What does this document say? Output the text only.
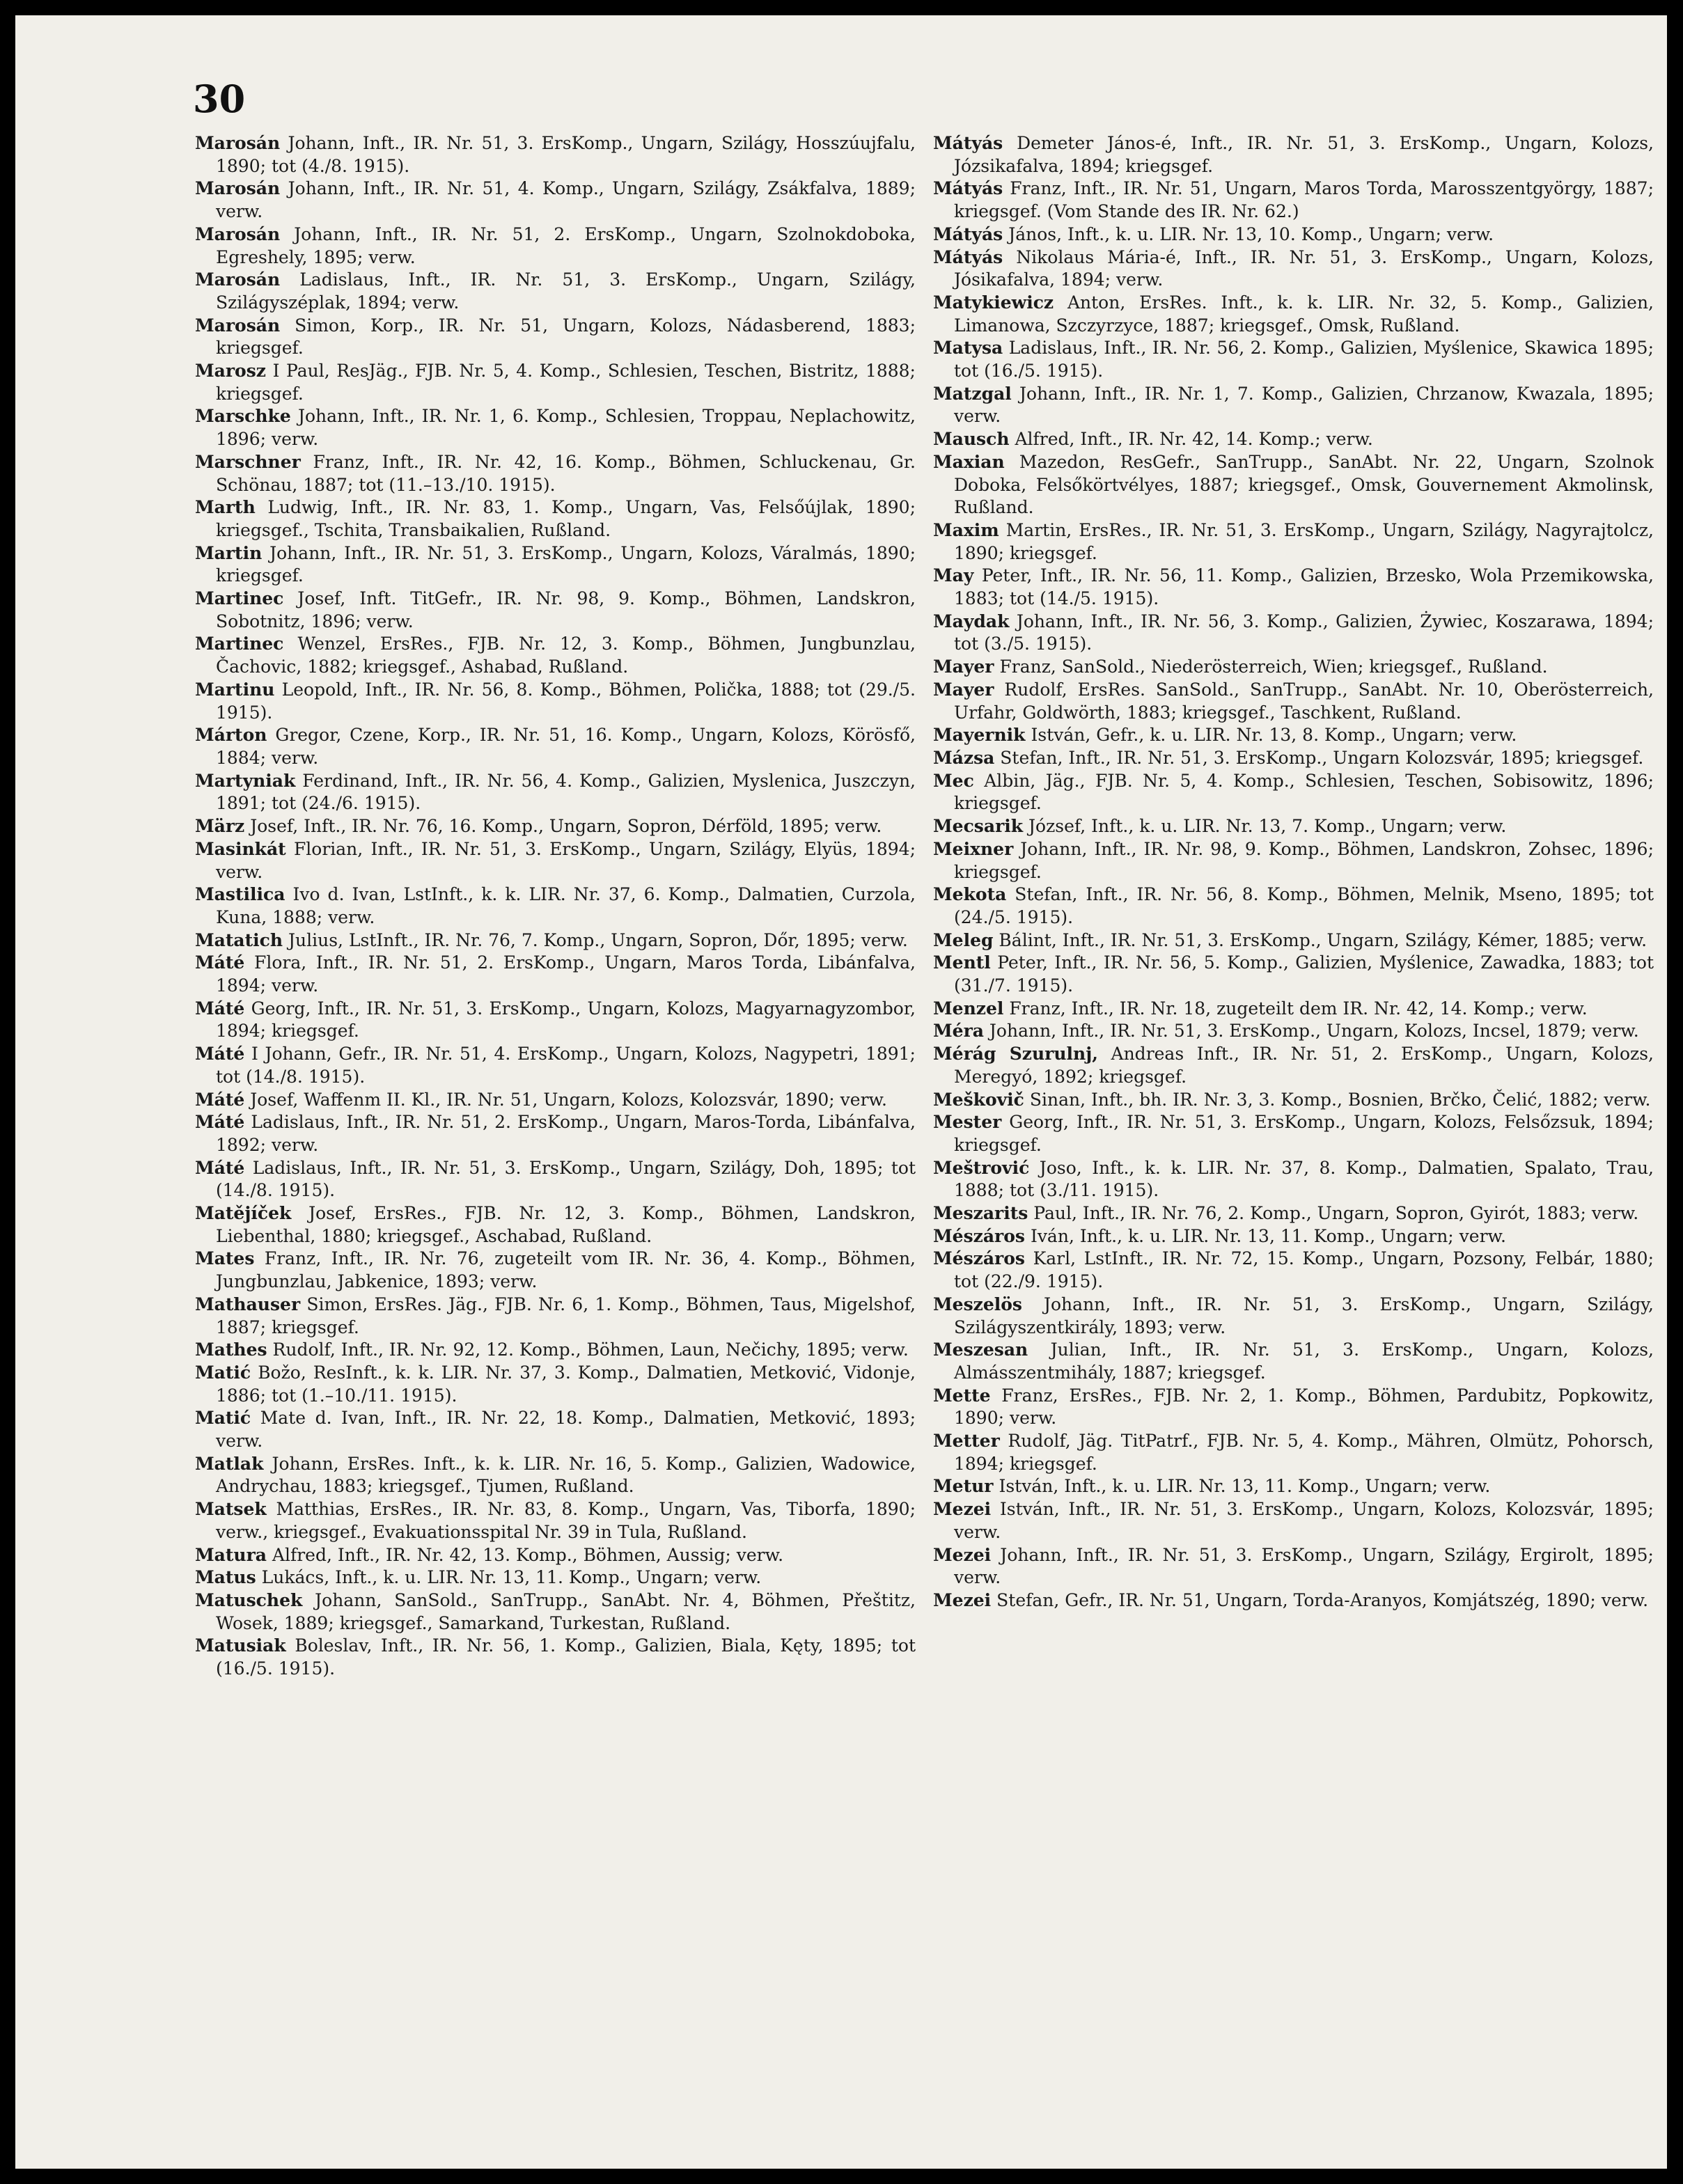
30

Marosán Johann, Inft., IR. Nr. 51, 3. ErsKomp., Ungarn, Szilágy, Hosszúujfalu, 1890; tot (4./8. 1915).

Marosán Johann, Inft., IR. Nr. 51, 4. Komp., Ungarn, Szilágy, Zsákfalva, 1889; verw.

Marosán Johann, Inft., IR. Nr. 51, 2. ErsKomp., Ungarn, Szolnokdoboka, Egreshely, 1895; verw.

Marosán Ladislaus, Inft., IR. Nr. 51, 3. ErsKomp., Ungarn, Szilágy, Szilágyszéplak, 1894; verw.

Marosán Simon, Korp., IR. Nr. 51, Ungarn, Kolozs, Nádasberend, 1883; kriegsgef.

Marosz I Paul, ResJäg., FJB. Nr. 5, 4. Komp., Schlesien, Teschen, Bistritz, 1888; kriegsgef.

Marschke Johann, Inft., IR. Nr. 1, 6. Komp., Schlesien, Troppau, Neplachowitz, 1896; verw.

Marschner Franz, Inft., IR. Nr. 42, 16. Komp., Böhmen, Schluckenau, Gr. Schönau, 1887; tot (11.–13./10. 1915).

Marth Ludwig, Inft., IR. Nr. 83, 1. Komp., Ungarn, Vas, Felsőújlak, 1890; kriegsgef., Tschita, Transbaikalien, Rußland.

Martin Johann, Inft., IR. Nr. 51, 3. ErsKomp., Ungarn, Kolozs, Váralmás, 1890; kriegsgef.

Martinec Josef, Inft. TitGefr., IR. Nr. 98, 9. Komp., Böhmen, Landskron, Sobotnitz, 1896; verw.

Martinec Wenzel, ErsRes., FJB. Nr. 12, 3. Komp., Böhmen, Jungbunzlau, Čachovic, 1882; kriegsgef., Ashabad, Rußland.

Martinu Leopold, Inft., IR. Nr. 56, 8. Komp., Böhmen, Polička, 1888; tot (29./5. 1915).

Márton Gregor, Czene, Korp., IR. Nr. 51, 16. Komp., Ungarn, Kolozs, Körösfő, 1884; verw.

Martyniak Ferdinand, Inft., IR. Nr. 56, 4. Komp., Galizien, Myslenica, Juszczyn, 1891; tot (24./6. 1915).

März Josef, Inft., IR. Nr. 76, 16. Komp., Ungarn, Sopron, Dérföld, 1895; verw.

Masinkát Florian, Inft., IR. Nr. 51, 3. ErsKomp., Ungarn, Szilágy, Elyüs, 1894; verw.

Mastilica Ivo d. Ivan, LstInft., k. k. LIR. Nr. 37, 6. Komp., Dalmatien, Curzola, Kuna, 1888; verw.

Matatich Julius, LstInft., IR. Nr. 76, 7. Komp., Ungarn, Sopron, Dőr, 1895; verw.

Máté Flora, Inft., IR. Nr. 51, 2. ErsKomp., Ungarn, Maros Torda, Libánfalva, 1894; verw.

Máté Georg, Inft., IR. Nr. 51, 3. ErsKomp., Ungarn, Kolozs, Magyarnagyzombor, 1894; kriegsgef.

Máté I Johann, Gefr., IR. Nr. 51, 4. ErsKomp., Ungarn, Kolozs, Nagypetri, 1891; tot (14./8. 1915).

Máté Josef, Waffenm II. Kl., IR. Nr. 51, Ungarn, Kolozs, Kolozsvár, 1890; verw.

Máté Ladislaus, Inft., IR. Nr. 51, 2. ErsKomp., Ungarn, Maros-Torda, Libánfalva, 1892; verw.

Máté Ladislaus, Inft., IR. Nr. 51, 3. ErsKomp., Ungarn, Szilágy, Doh, 1895; tot (14./8. 1915).

Matějíček Josef, ErsRes., FJB. Nr. 12, 3. Komp., Böhmen, Landskron, Liebenthal, 1880; kriegsgef., Aschabad, Rußland.

Mates Franz, Inft., IR. Nr. 76, zugeteilt vom IR. Nr. 36, 4. Komp., Böhmen, Jungbunzlau, Jabkenice, 1893; verw.

Mathauser Simon, ErsRes. Jäg., FJB. Nr. 6, 1. Komp., Böhmen, Taus, Migelshof, 1887; kriegsgef.

Mathes Rudolf, Inft., IR. Nr. 92, 12. Komp., Böhmen, Laun, Nečichy, 1895; verw.

Matić Božo, ResInft., k. k. LIR. Nr. 37, 3. Komp., Dalmatien, Metković, Vidonje, 1886; tot (1.–10./11. 1915).

Matić Mate d. Ivan, Inft., IR. Nr. 22, 18. Komp., Dalmatien, Metković, 1893; verw.

Matlak Johann, ErsRes. Inft., k. k. LIR. Nr. 16, 5. Komp., Galizien, Wadowice, Andrychau, 1883; kriegsgef., Tjumen, Rußland.

Matsek Matthias, ErsRes., IR. Nr. 83, 8. Komp., Ungarn, Vas, Tiborfa, 1890; verw., kriegsgef., Evakuationsspital Nr. 39 in Tula, Rußland.

Matura Alfred, Inft., IR. Nr. 42, 13. Komp., Böhmen, Aussig; verw.

Matus Lukács, Inft., k. u. LIR. Nr. 13, 11. Komp., Ungarn; verw.

Matuschek Johann, SanSold., SanTrupp., SanAbt. Nr. 4, Böhmen, Přeštitz, Wosek, 1889; kriegsgef., Samarkand, Turkestan, Rußland.

Matusiak Boleslav, Inft., IR. Nr. 56, 1. Komp., Galizien, Biala, Kęty, 1895; tot (16./5. 1915).

Mátyás Demeter János-é, Inft., IR. Nr. 51, 3. ErsKomp., Ungarn, Kolozs, Józsikafalva, 1894; kriegsgef.

Mátyás Franz, Inft., IR. Nr. 51, Ungarn, Maros Torda, Marosszentgyörgy, 1887; kriegsgef. (Vom Stande des IR. Nr. 62.)

Mátyás János, Inft., k. u. LIR. Nr. 13, 10. Komp., Ungarn; verw.

Mátyás Nikolaus Mária-é, Inft., IR. Nr. 51, 3. ErsKomp., Ungarn, Kolozs, Jósikafalva, 1894; verw.

Matykiewicz Anton, ErsRes. Inft., k. k. LIR. Nr. 32, 5. Komp., Galizien, Limanowa, Szczyrzyce, 1887; kriegsgef., Omsk, Rußland.

Matysa Ladislaus, Inft., IR. Nr. 56, 2. Komp., Galizien, Myślenice, Skawica 1895; tot (16./5. 1915).

Matzgal Johann, Inft., IR. Nr. 1, 7. Komp., Galizien, Chrzanow, Kwazala, 1895; verw.

Mausch Alfred, Inft., IR. Nr. 42, 14. Komp.; verw.

Maxian Mazedon, ResGefr., SanTrupp., SanAbt. Nr. 22, Ungarn, Szolnok Doboka, Felsőkörtvélyes, 1887; kriegsgef., Omsk, Gouvernement Akmolinsk, Rußland.

Maxim Martin, ErsRes., IR. Nr. 51, 3. ErsKomp., Ungarn, Szilágy, Nagyrajtolcz, 1890; kriegsgef.

May Peter, Inft., IR. Nr. 56, 11. Komp., Galizien, Brzesko, Wola Przemikowska, 1883; tot (14./5. 1915).

Maydak Johann, Inft., IR. Nr. 56, 3. Komp., Galizien, Żywiec, Koszarawa, 1894; tot (3./5. 1915).

Mayer Franz, SanSold., Niederösterreich, Wien; kriegsgef., Rußland.

Mayer Rudolf, ErsRes. SanSold., SanTrupp., SanAbt. Nr. 10, Oberösterreich, Urfahr, Goldwörth, 1883; kriegsgef., Taschkent, Rußland.

Mayernik István, Gefr., k. u. LIR. Nr. 13, 8. Komp., Ungarn; verw.

Mázsa Stefan, Inft., IR. Nr. 51, 3. ErsKomp., Ungarn Kolozsvár, 1895; kriegsgef.

Mec Albin, Jäg., FJB. Nr. 5, 4. Komp., Schlesien, Teschen, Sobisowitz, 1896; kriegsgef.

Mecsarik József, Inft., k. u. LIR. Nr. 13, 7. Komp., Ungarn; verw.

Meixner Johann, Inft., IR. Nr. 98, 9. Komp., Böhmen, Landskron, Zohsec, 1896; kriegsgef.

Mekota Stefan, Inft., IR. Nr. 56, 8. Komp., Böhmen, Melnik, Mseno, 1895; tot (24./5. 1915).

Meleg Bálint, Inft., IR. Nr. 51, 3. ErsKomp., Ungarn, Szilágy, Kémer, 1885; verw.

Mentl Peter, Inft., IR. Nr. 56, 5. Komp., Galizien, Myślenice, Zawadka, 1883; tot (31./7. 1915).

Menzel Franz, Inft., IR. Nr. 18, zugeteilt dem IR. Nr. 42, 14. Komp.; verw.

Méra Johann, Inft., IR. Nr. 51, 3. ErsKomp., Ungarn, Kolozs, Incsel, 1879; verw.

Mérág Szurulnj, Andreas Inft., IR. Nr. 51, 2. ErsKomp., Ungarn, Kolozs, Meregyó, 1892; kriegsgef.

Meškovič Sinan, Inft., bh. IR. Nr. 3, 3. Komp., Bosnien, Brčko, Čelić, 1882; verw.

Mester Georg, Inft., IR. Nr. 51, 3. ErsKomp., Ungarn, Kolozs, Felsőzsuk, 1894; kriegsgef.

Meštrović Joso, Inft., k. k. LIR. Nr. 37, 8. Komp., Dalmatien, Spalato, Trau, 1888; tot (3./11. 1915).

Meszarits Paul, Inft., IR. Nr. 76, 2. Komp., Ungarn, Sopron, Gyirót, 1883; verw.

Mészáros Iván, Inft., k. u. LIR. Nr. 13, 11. Komp., Ungarn; verw.

Mészáros Karl, LstInft., IR. Nr. 72, 15. Komp., Ungarn, Pozsony, Felbár, 1880; tot (22./9. 1915).

Meszelös Johann, Inft., IR. Nr. 51, 3. ErsKomp., Ungarn, Szilágy, Szilágyszentkirály, 1893; verw.

Meszesan Julian, Inft., IR. Nr. 51, 3. ErsKomp., Ungarn, Kolozs, Almásszentmihály, 1887; kriegsgef.

Mette Franz, ErsRes., FJB. Nr. 2, 1. Komp., Böhmen, Pardubitz, Popkowitz, 1890; verw.

Metter Rudolf, Jäg. TitPatrf., FJB. Nr. 5, 4. Komp., Mähren, Olmütz, Pohorsch, 1894; kriegsgef.

Metur István, Inft., k. u. LIR. Nr. 13, 11. Komp., Ungarn; verw.

Mezei István, Inft., IR. Nr. 51, 3. ErsKomp., Ungarn, Kolozs, Kolozsvár, 1895; verw.

Mezei Johann, Inft., IR. Nr. 51, 3. ErsKomp., Ungarn, Szilágy, Ergirolt, 1895; verw.

Mezei Stefan, Gefr., IR. Nr. 51, Ungarn, Torda-Aranyos, Komjátszég, 1890; verw.
